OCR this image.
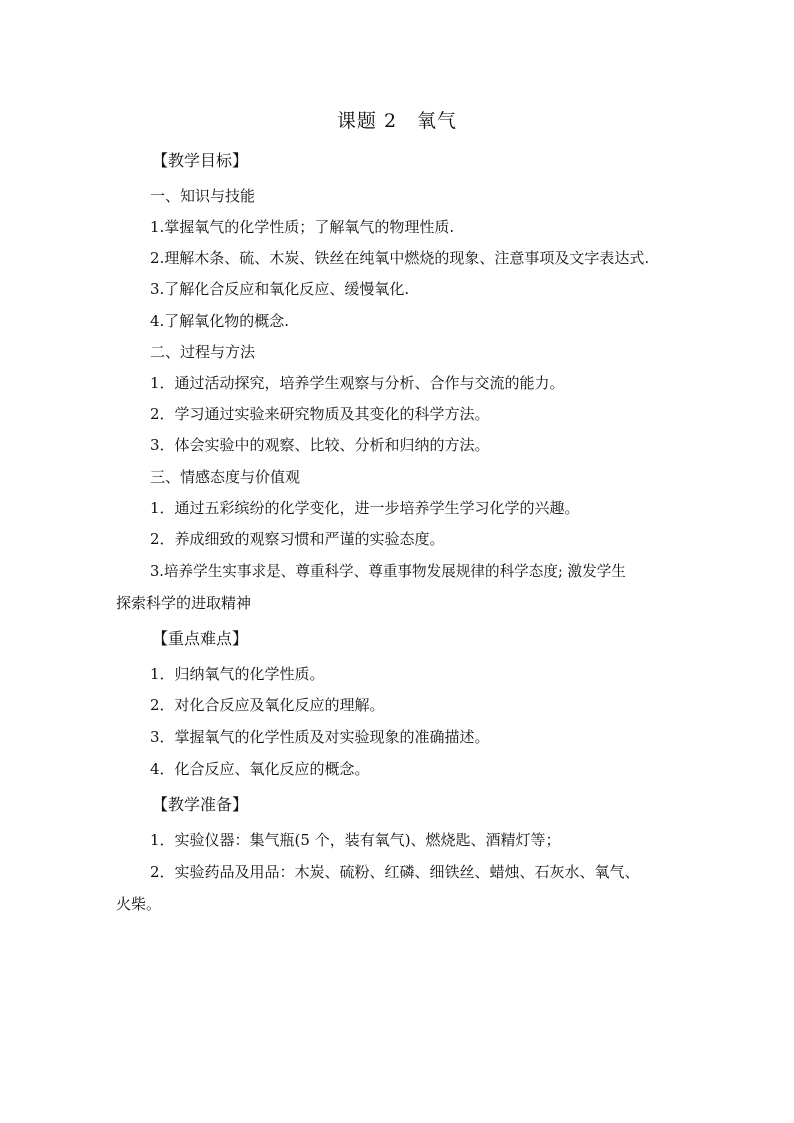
课题 2　氧气
【教学目标】
一、知识与技能
1.掌握氧气的化学性质；了解氧气的物理性质.
2.理解木条、硫、木炭、铁丝在纯氧中燃烧的现象、注意事项及文字表达式.
3.了解化合反应和氧化反应、缓慢氧化.
4.了解氧化物的概念.
二、过程与方法
1．通过活动探究，培养学生观察与分析、合作与交流的能力。
2．学习通过实验来研究物质及其变化的科学方法。
3．体会实验中的观察、比较、分析和归纳的方法。
三、情感态度与价值观
1．通过五彩缤纷的化学变化，进一步培养学生学习化学的兴趣。
2．养成细致的观察习惯和严谨的实验态度。
3.培养学生实事求是、尊重科学、尊重事物发展规律的科学态度; 激发学生
探索科学的进取精神
【重点难点】
1．归纳氧气的化学性质。
2．对化合反应及氧化反应的理解。
3．掌握氧气的化学性质及对实验现象的准确描述。
4．化合反应、氧化反应的概念。
【教学准备】
1．实验仪器：集气瓶(5 个，装有氧气)、燃烧匙、酒精灯等；
2．实验药品及用品：木炭、硫粉、红磷、细铁丝、蜡烛、石灰水、氧气、
火柴。
